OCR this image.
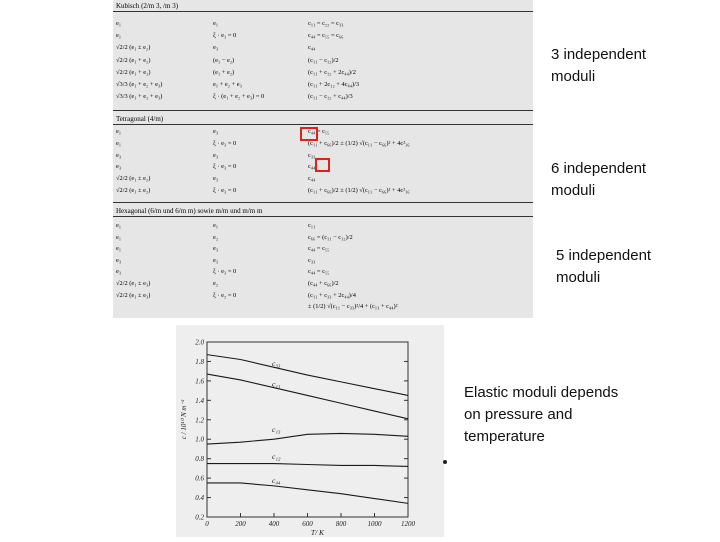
Kubisch (2/m 3, /m 3)
e₁	e₁	c₁₁ = c₂₂ = c₃₃
e₁	ξ · e₁ = 0	c₄₄ = c₅₅ = c₆₆
√2/2 (e₁ ± e₂)	e₃	c₄₄
√2/2 (e₁ + e₂)	(e₁ − e₂)	(c₁₁ − c₁₂)/2
√2/2 (e₁ + e₂)	(e₁ + e₂)	(c₁₁ + c₁₂ + 2c₄₄)/2
√3/3 (e₁ + e₂ + e₃)	e₁ + e₂ + e₃	(c₁₁ + 2c₁₂ + 4c₄₄)/3
√3/3 (e₁ + e₂ + e₃)	ξ · (e₁ + e₂ + e₃) = 0	(c₁₁ − c₁₂ + c₄₄)/3
Tetragonal (4/m)
e₁	e₃	c₄₄ = c₅₅
e₁	ξ · e₃ = 0	(c₁₁ + c₆₆)/2 ± (1/2) √(c₁₁ − c₆₆)² + 4c²₁₆
e₃	e₃	c₃₃
e₃	ξ · e₃ = 0	c₄₄
√2/2 (e₁ ± e₂)	e₃	c₄₄
√2/2 (e₁ ± e₂)	ξ · e₃ = 0	(c₁₁ + c₆₆)/2 ± (1/2) √(c₁₁ − c₆₆)² + 4c²₁₆
Hexagonal (6/m und 6/m m) sowie m/m und m/m m
e₁	e₁	c₁₁
e₁	e₂	c₆₆ = (c₁₁ − c₁₂)/2
e₁	e₃	c₄₄ = c₅₅
e₃	e₃	c₃₃
e₃	ξ · e₃ = 0	c₄₄ = c₅₅
√2/2 (e₁ ± e₃)	e₂	(c₄₄ + c₆₆)/2
√2/2 (e₁ ± e₃)	ξ · e₂ = 0	(c₁₁ + c₃₃ + 2c₄₄)/4
± (1/2) √(c₁₁ − c₃₃)²/4 + (c₁₃ + c₄₄)²
3 independent
moduli
6 independent
moduli
5 independent
moduli
Elastic moduli depends
on pressure and
temperature
2.0
1.8
1.6
1.4
1.2
1.0
0.8
0.6
0.4
0.2
0	200	400	600	800	1000	1200
T/ K
c / 10¹⁰ N m⁻²
c₃₃
c₁₁
c₁₃
c₁₂
c₄₄
